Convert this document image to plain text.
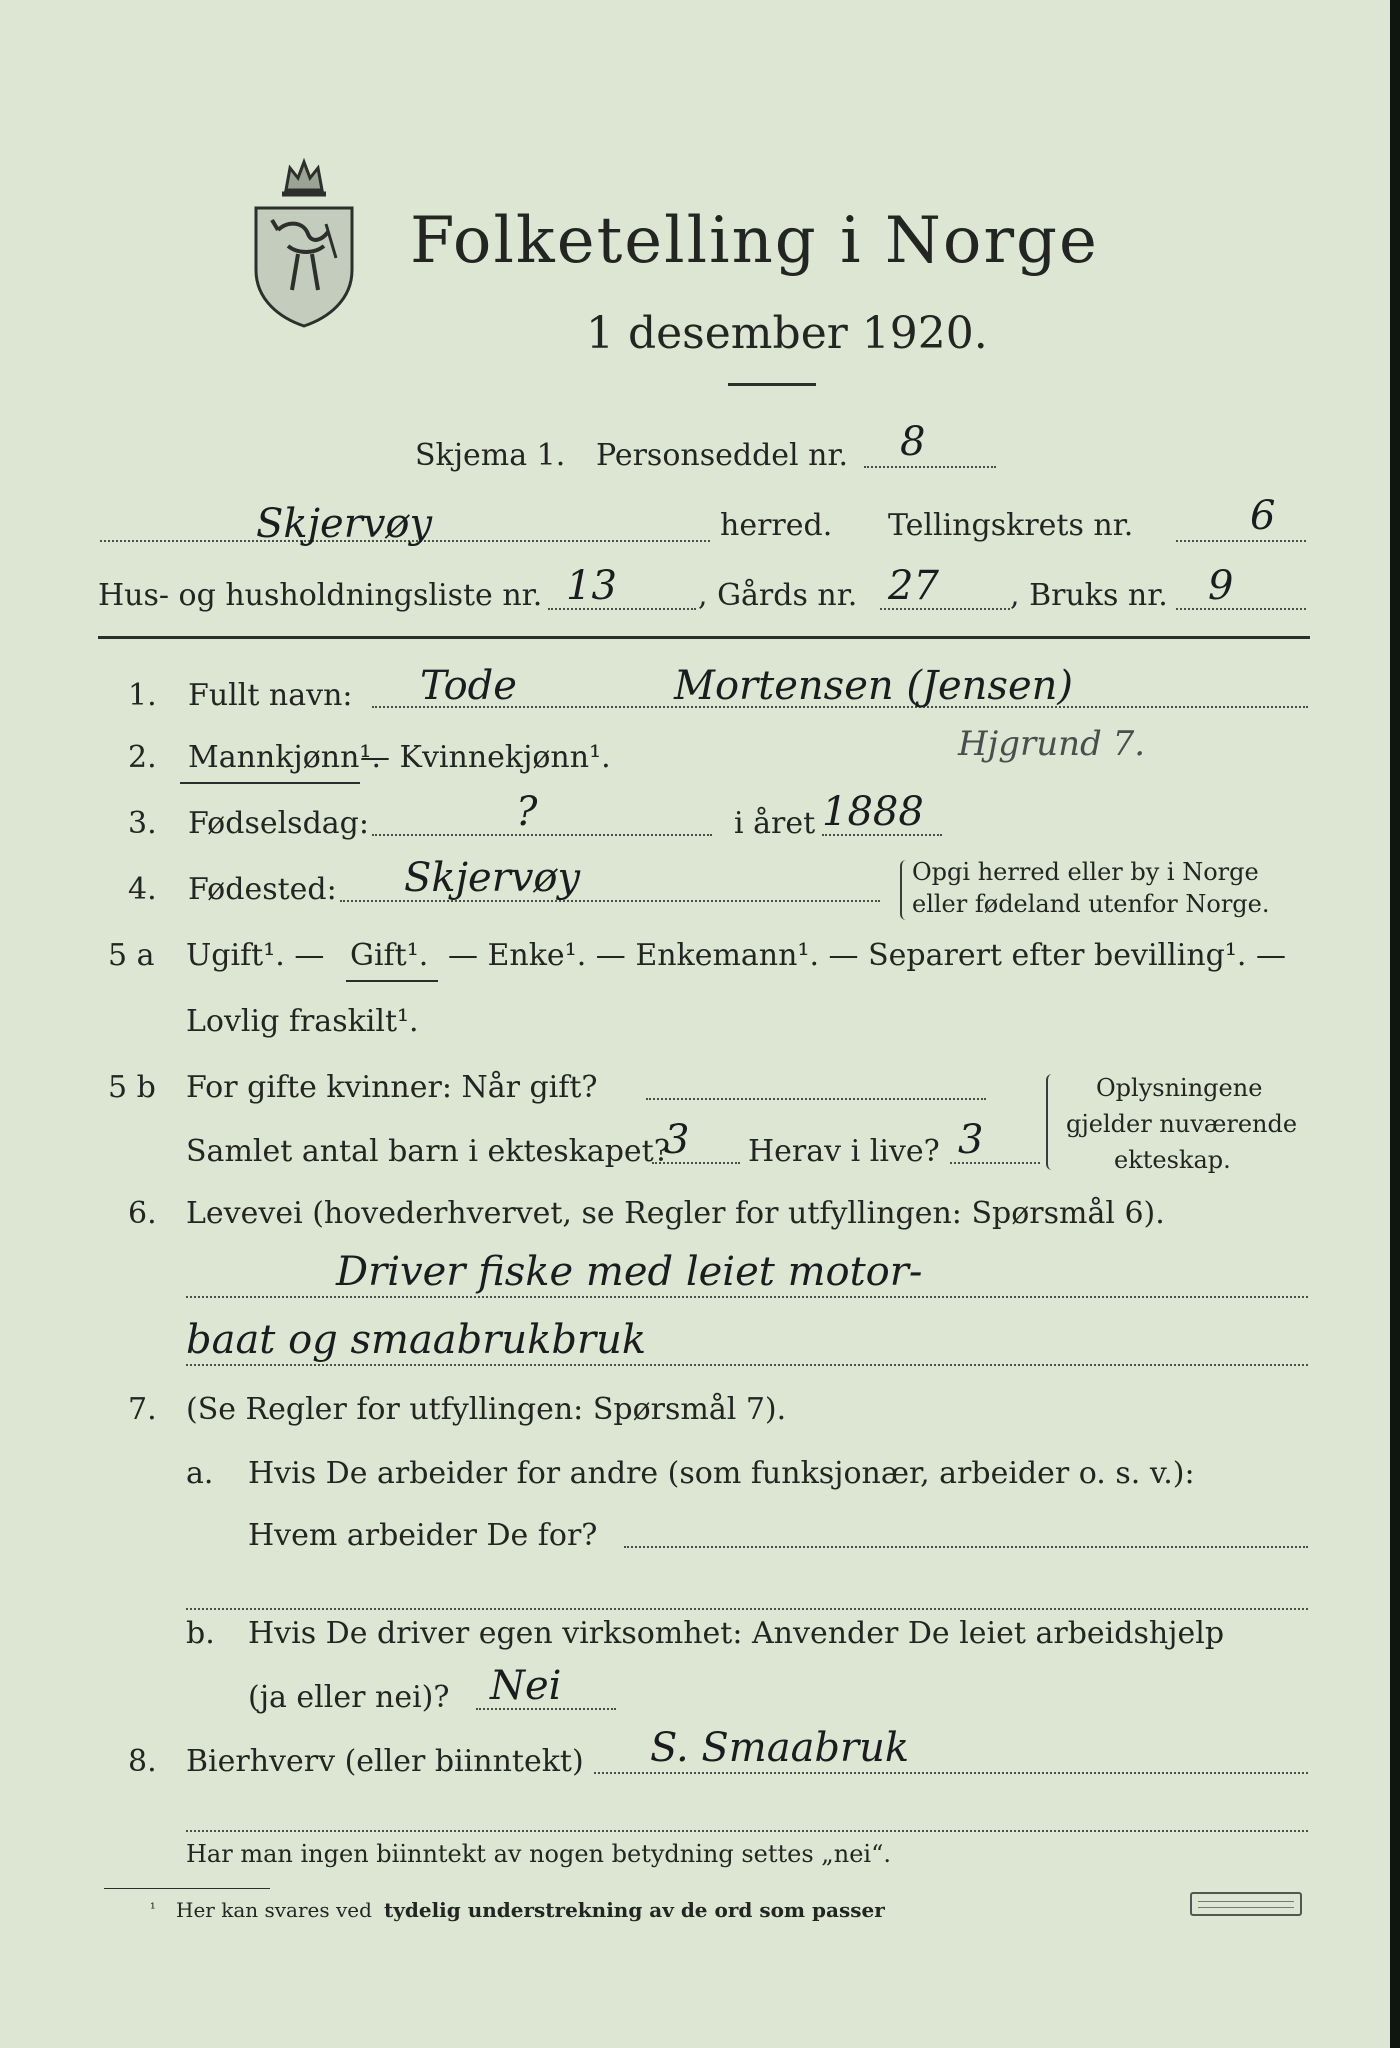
Folketelling i Norge
1 desember 1920.
Skjema 1. Personseddel nr. 8
Skjervøy	herred. Tellingskrets nr.	6
Hus- og husholdningsliste nr. 13	, Gårds nr. 27 , Bruks nr. 9
1. Fullt navn: Tode	Mortensen (Jensen)
2. Mannkjønn¹.
— Kvinnekjønn¹.	Hjgrund 7.
3. Fødselsdag:	?	i året 1888
4. Fødested: Skjervøy	Opgi herred eller by i Norge
eller fødeland utenfor Norge.
5 a Ugift¹. — Gift¹. — Enke¹. — Enkemann¹. — Separert efter bevilling¹. —
Lovlig fraskilt¹.
5 b For gifte kvinner: Når gift?
Samlet antal barn i ekteskapet?
3 Herav i live? 3
Oplysningene
gjelder nuværende
ekteskap.
6. Levevei (hovederhvervet, se Regler for utfyllingen: Spørsmål 6).
Driver fiske med leiet motor-
baat og smaabrukbruk
7. (Se Regler for utfyllingen: Spørsmål 7).
a. Hvis De arbeider for andre (som funksjonær, arbeider o. s. v.):
Hvem arbeider De for?
b. Hvis De driver egen virksomhet: Anvender De leiet arbeidshjelp
(ja eller nei)? Nei
8. Bierhverv (eller biinntekt) S. Smaabruk
Har man ingen biinntekt av nogen betydning settes „nei“.
¹ Her kan svares ved tydelig understrekning av de ord som passer
